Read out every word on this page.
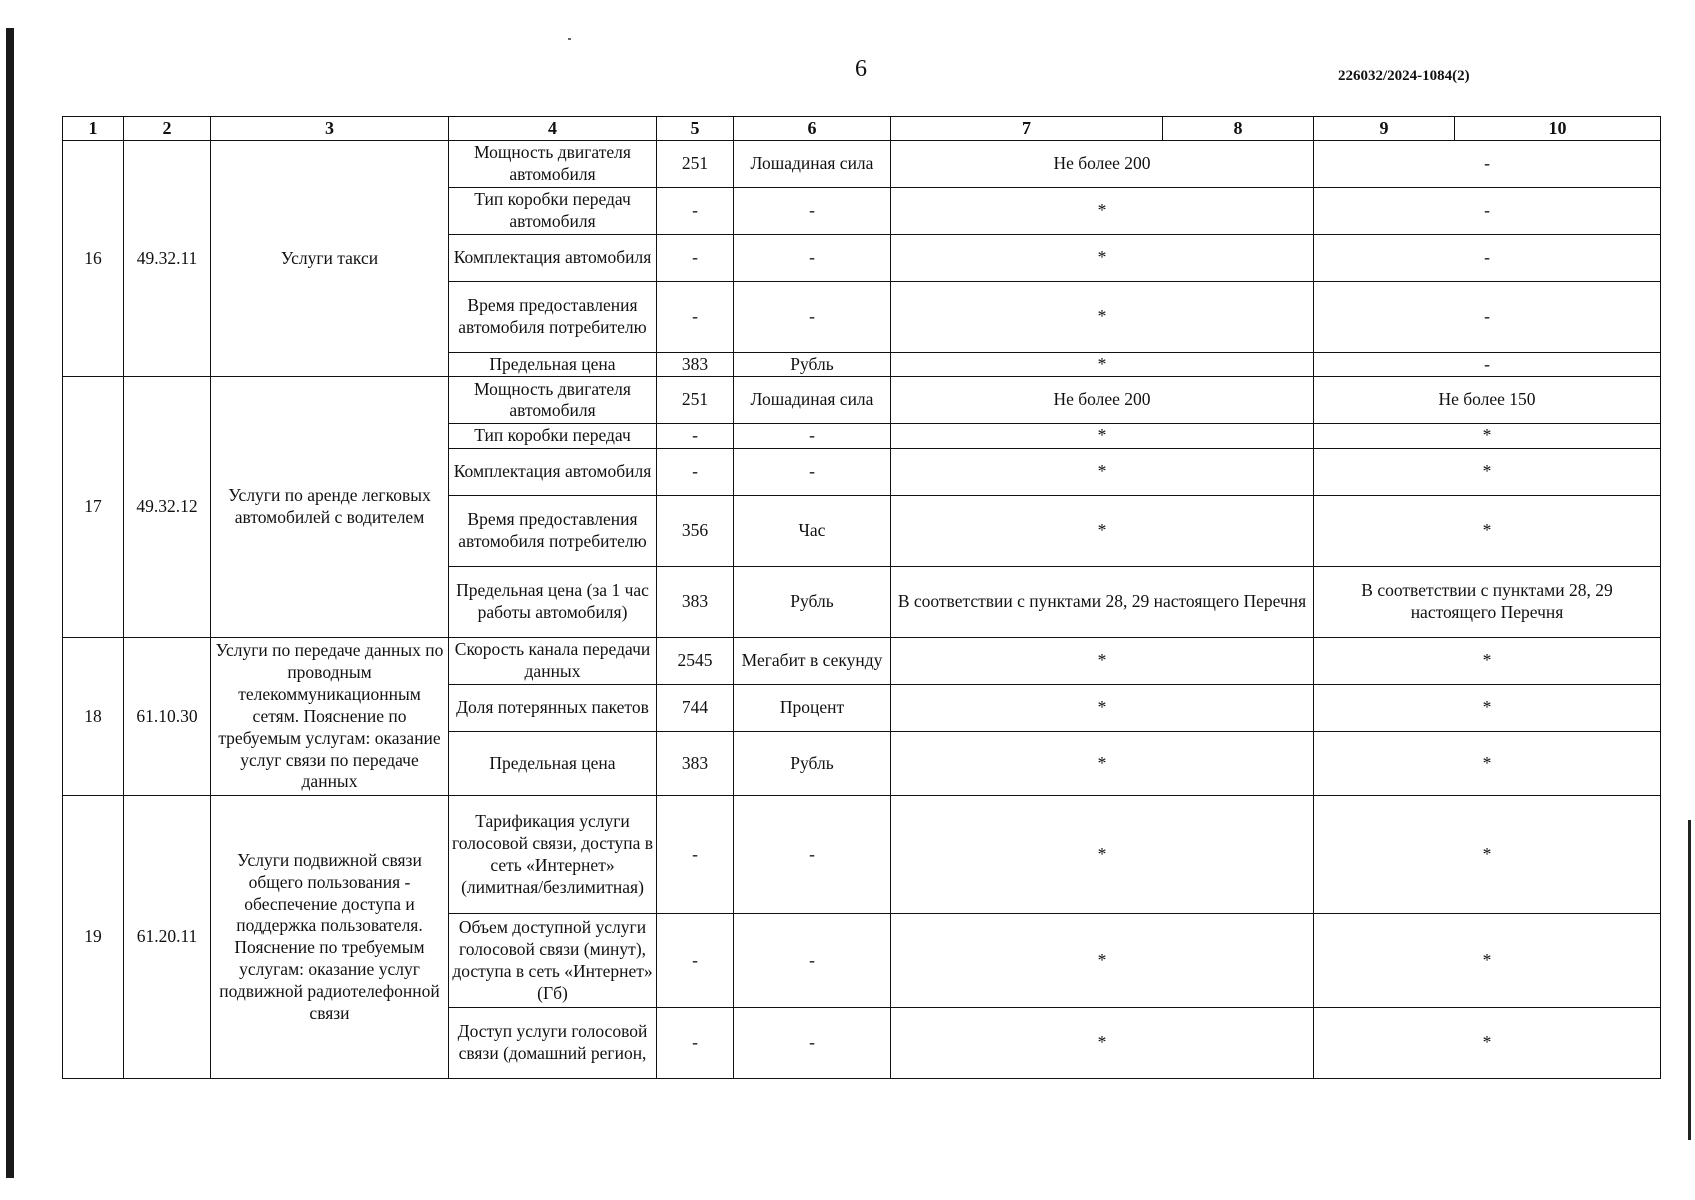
6	226032/2024-1084(2)
1	2	3	4	5	6	7	8	9	10
16	49.32.11	Услуги такси	Мощность двигателя автомобиля	251	Лошадиная сила	Не более 200		-	
			Тип коробки передач автомобиля	-	-	*		-	
			Комплектация автомобиля	-	-	*		-	
			Время предоставления автомобиля потребителю	-	-	*		-	
			Предельная цена	383	Рубль	*		-	
17	49.32.12	Услуги по аренде легковых автомобилей с водителем	Мощность двигателя автомобиля	251	Лошадиная сила	Не более 200		Не более 150	
			Тип коробки передач	-	-	*		*	
			Комплектация автомобиля	-	-	*		*	
			Время предоставления автомобиля потребителю	356	Час	*		*	
			Предельная цена (за 1 час работы автомобиля)	383	Рубль	В соответствии с пунктами 28, 29 настоящего Перечня		В соответствии с пунктами 28, 29 настоящего Перечня	
18	61.10.30	Услуги по передаче данных по проводным телекоммуникационным сетям. Пояснение по требуемым услугам: оказание услуг связи по передаче данных	Скорость канала передачи данных	2545	Мегабит в секунду	*		*	
			Доля потерянных пакетов	744	Процент	*		*	
			Предельная цена	383	Рубль	*		*	
19	61.20.11	Услуги подвижной связи общего пользования - обеспечение доступа и поддержка пользователя. Пояснение по требуемым услугам: оказание услуг подвижной радиотелефонной связи	Тарификация услуги голосовой связи, доступа в сеть «Интернет» (лимитная/безлимитная)	-	-	*		*	
			Объем доступной услуги голосовой связи (минут), доступа в сеть «Интернет» (Гб)	-	-	*		*	
			Доступ услуги голосовой связи (домашний регион,	-	-	*		*	
